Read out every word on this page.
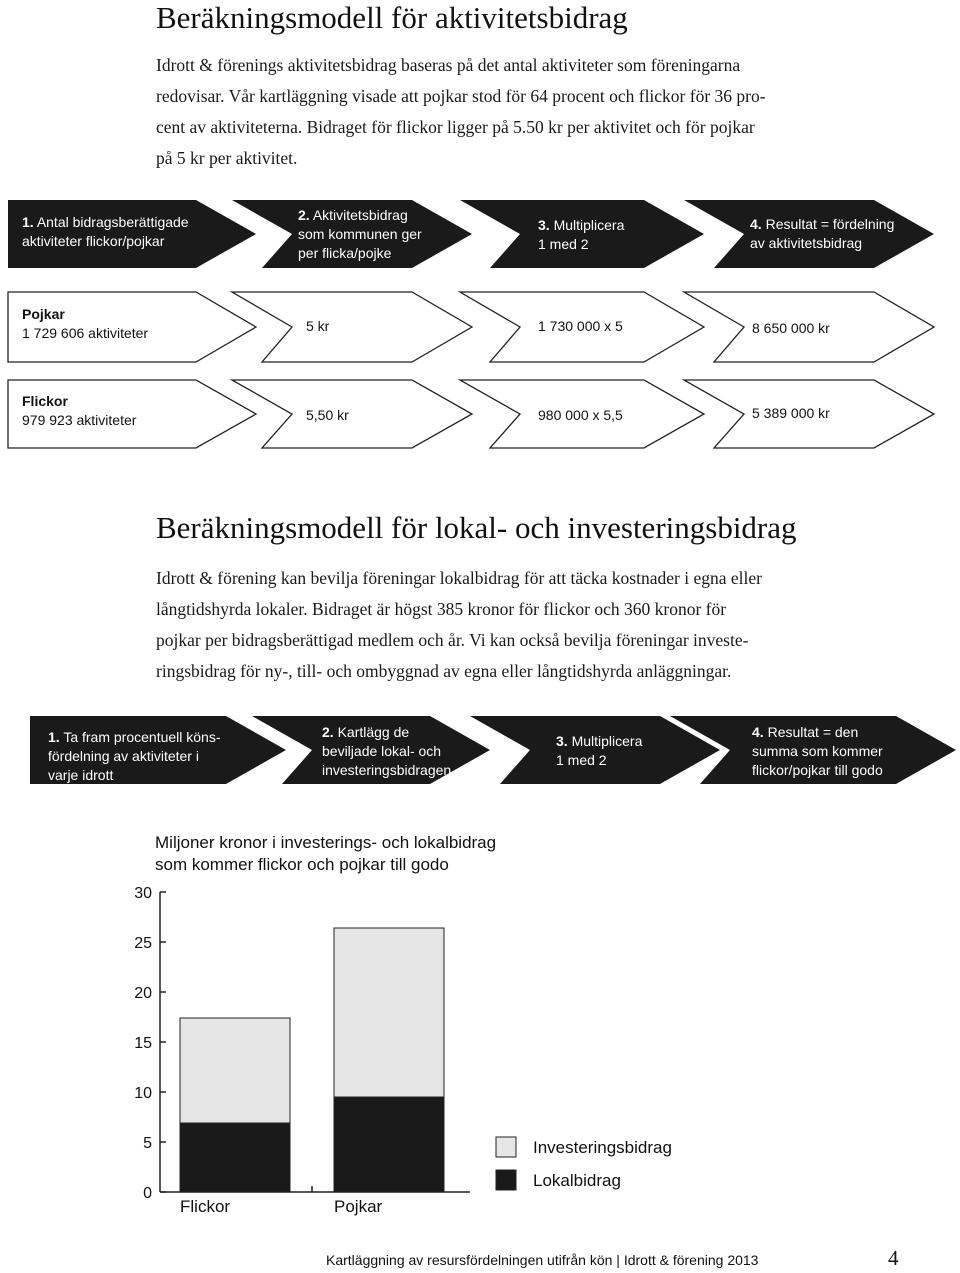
Beräkningsmodell för aktivitetsbidrag

Idrott & förenings aktivitetsbidrag baseras på det antal aktiviteter som föreningarna
redovisar. Vår kartläggning visade att pojkar stod för 64 procent och flickor för 36 pro-
cent av aktiviteterna. Bidraget för flickor ligger på 5.50 kr per aktivitet och för pojkar
på 5 kr per aktivitet.

0
5
10
15
20
25
30
Flickor	Pojkar
Investeringsbidrag
Lokalbidrag
1. Antal bidragsberättigade
aktiviteter flickor/pojkar
2. Aktivitetsbidrag
som kommunen ger
per flicka/pojke
3. Multiplicera
1 med 2
4. Resultat = fördelning
av aktivitetsbidrag
Pojkar
1 729 606 aktiviteter	5 kr	1 730 000 x 5	8 650 000 kr
Flickor
979 923 aktiviteter	5,50 kr	980 000 x 5,5	5 389 000 kr
Beräkningsmodell för lokal- och investeringsbidrag

Idrott & förening kan bevilja föreningar lokalbidrag för att täcka kostnader i egna eller
långtidshyrda lokaler. Bidraget är högst 385 kronor för flickor och 360 kronor för
pojkar per bidragsberättigad medlem och år. Vi kan också bevilja föreningar investe-
ringsbidrag för ny-, till- och ombyggnad av egna eller långtidshyrda anläggningar.

1. Ta fram procentuell köns-
fördelning av aktiviteter i
varje idrott
2. Kartlägg de
beviljade lokal- och
investeringsbidragen
3. Multiplicera
1 med 2
4. Resultat = den
summa som kommer
flickor/pojkar till godo
Miljoner kronor i investerings- och lokalbidrag
som kommer flickor och pojkar till godo
Kartläggning av resursfördelningen utifrån kön | Idrott & förening 2013	4
